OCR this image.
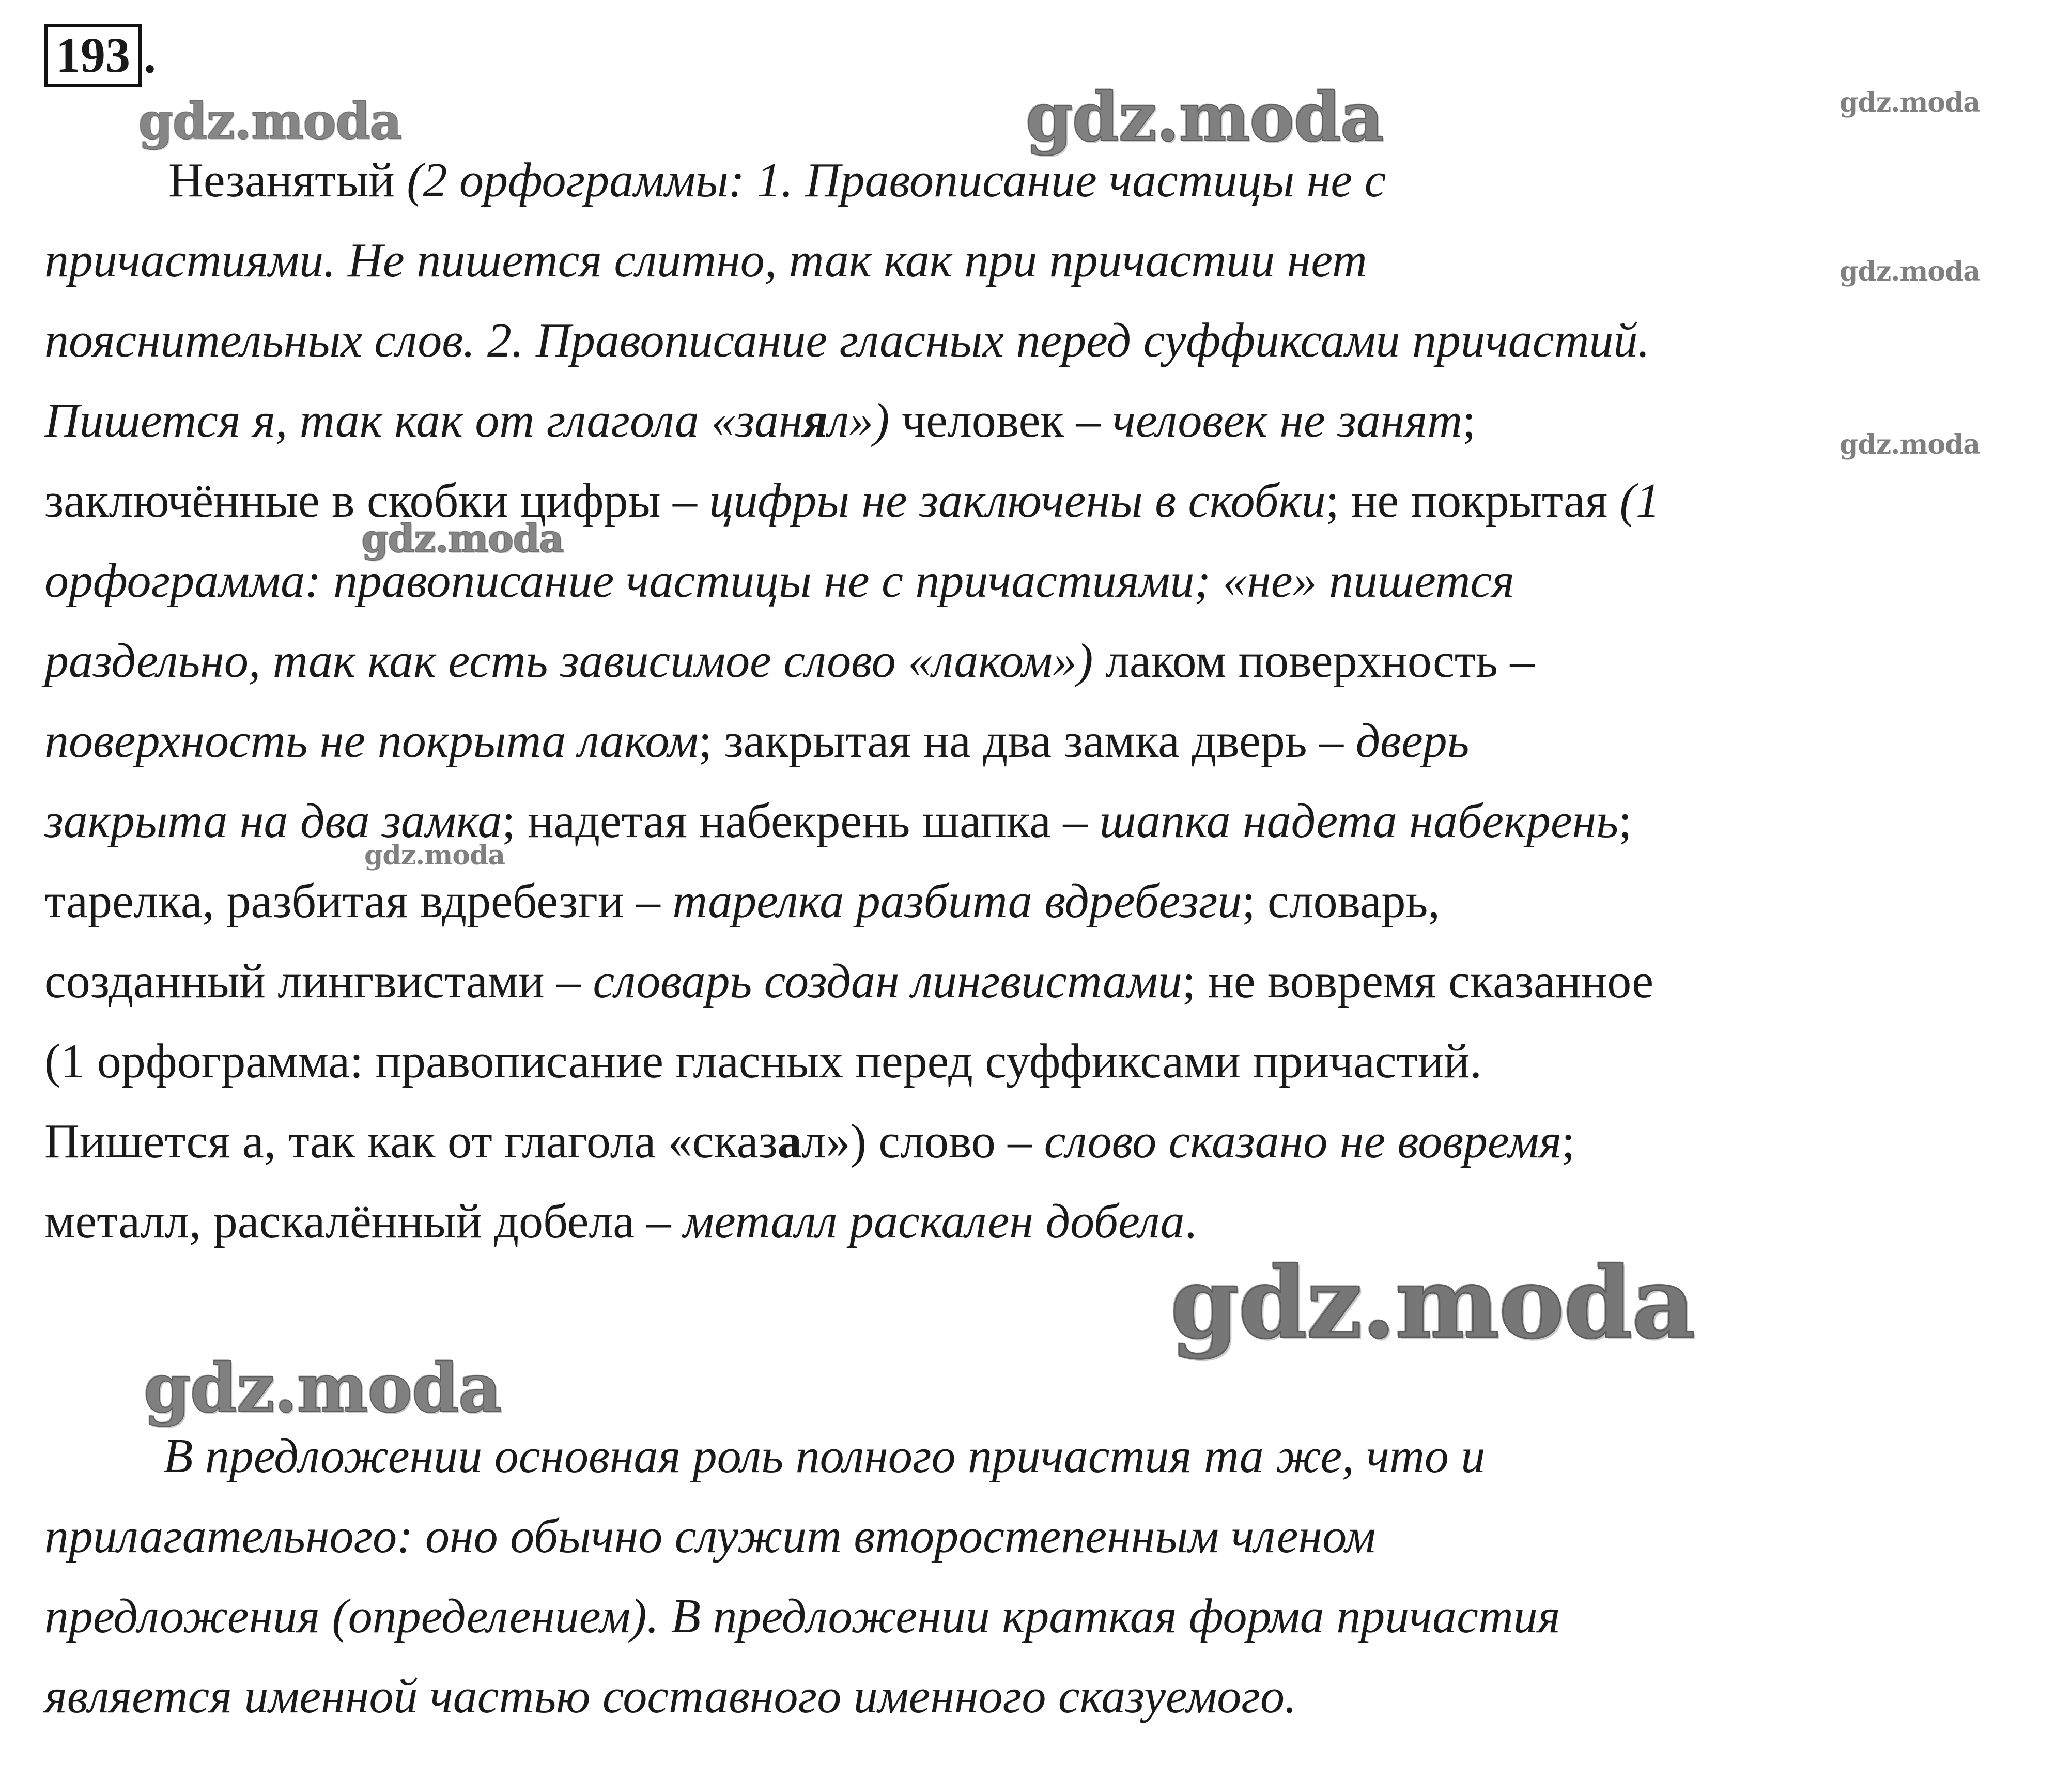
193 .
gdz.moda	gdz.moda	gdz.moda
gdz.moda
gdz.moda
gdz.moda
gdz.moda
gdz.moda
gdz.moda
Незанятый (2 орфограммы: 1. Правописание частицы не с
причастиями. Не пишется слитно, так как при причастии нет
пояснительных слов. 2. Правописание гласных перед суффиксами причастий.
Пишется я, так как от глагола «занял») человек – человек не занят;
заключённые в скобки цифры – цифры не заключены в скобки; не покрытая (1
орфограмма: правописание частицы не с причастиями; «не» пишется
раздельно, так как есть зависимое слово «лаком») лаком поверхность –
поверхность не покрыта лаком; закрытая на два замка дверь – дверь
закрыта на два замка; надетая набекрень шапка – шапка надета набекрень;
тарелка, разбитая вдребезги – тарелка разбита вдребезги; словарь,
созданный лингвистами – словарь создан лингвистами; не вовремя сказанное
(1 орфограмма: правописание гласных перед суффиксами причастий.
Пишется а, так как от глагола «сказал») слово – слово сказано не вовремя;
металл, раскалённый добела – металл раскален добела.
В предложении основная роль полного причастия та же, что и
прилагательного: оно обычно служит второстепенным членом
предложения (определением). В предложении краткая форма причастия
является именной частью составного именного сказуемого.
